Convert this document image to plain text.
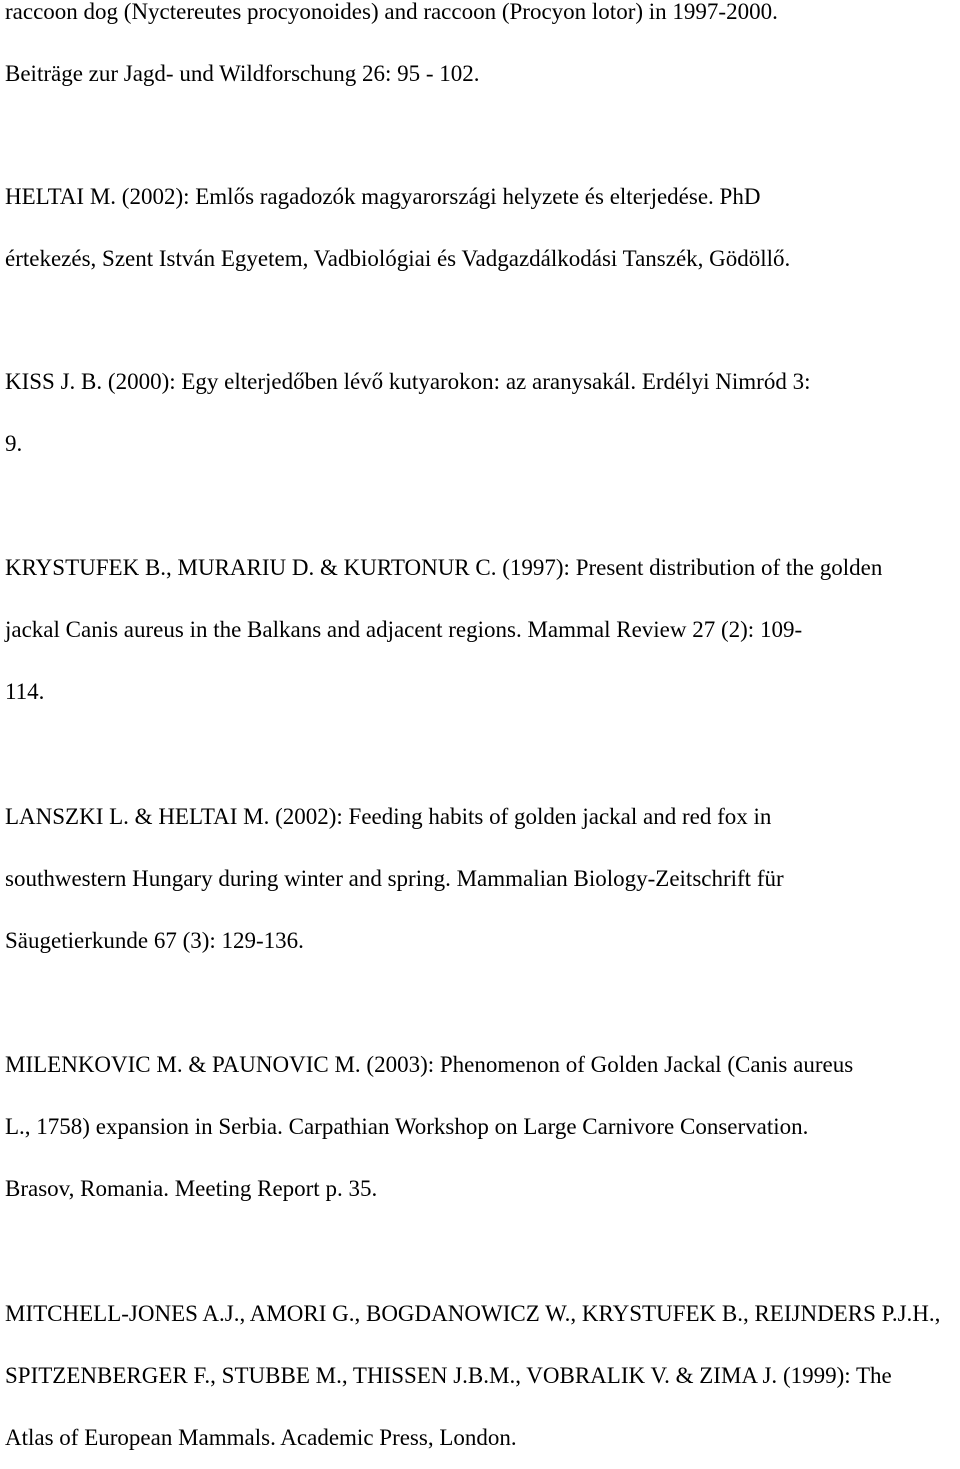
raccoon dog (Nyctereutes procyonoides) and raccoon (Procyon lotor) in 1997-2000.
Beiträge zur Jagd- und Wildforschung 26: 95 - 102.

HELTAI M. (2002): Emlős ragadozók magyarországi helyzete és elterjedése. PhD
értekezés, Szent István Egyetem, Vadbiológiai és Vadgazdálkodási Tanszék, Gödöllő.

KISS J. B. (2000): Egy elterjedőben lévő kutyarokon: az aranysakál. Erdélyi Nimród 3:
9.

KRYSTUFEK B., MURARIU D. & KURTONUR C. (1997): Present distribution of the golden
jackal Canis aureus in the Balkans and adjacent regions. Mammal Review 27 (2): 109-
114.

LANSZKI L. & HELTAI M. (2002): Feeding habits of golden jackal and red fox in
southwestern Hungary during winter and spring. Mammalian Biology-Zeitschrift für
Säugetierkunde 67 (3): 129-136.

MILENKOVIC M. & PAUNOVIC M. (2003): Phenomenon of Golden Jackal (Canis aureus
L., 1758) expansion in Serbia. Carpathian Workshop on Large Carnivore Conservation.
Brasov, Romania. Meeting Report p. 35.

MITCHELL-JONES A.J., AMORI G., BOGDANOWICZ W., KRYSTUFEK B., REIJNDERS P.J.H.,
SPITZENBERGER F., STUBBE M., THISSEN J.B.M., VOBRALIK V. & ZIMA J. (1999): The
Atlas of European Mammals. Academic Press, London.
